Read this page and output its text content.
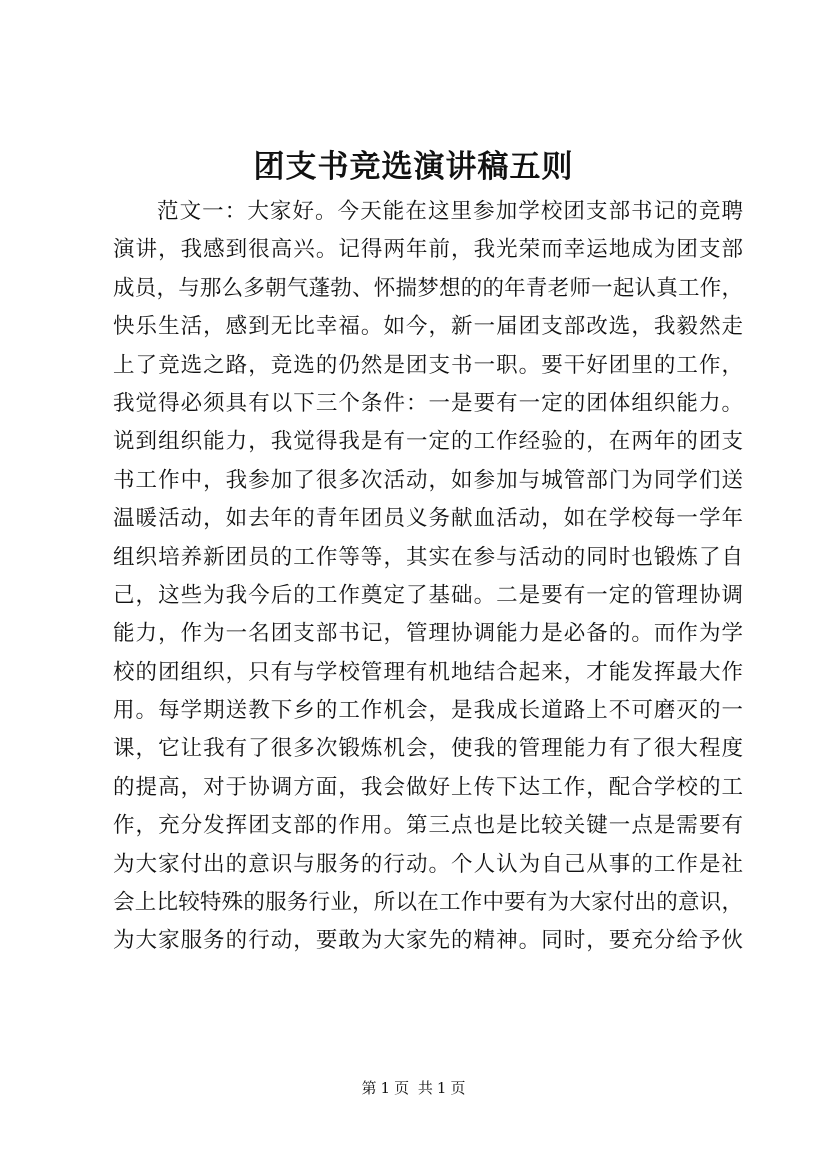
团支书竞选演讲稿五则
范文一：大家好。今天能在这里参加学校团支部书记的竞聘
演讲，我感到很高兴。记得两年前，我光荣而幸运地成为团支部
成员，与那么多朝气蓬勃、怀揣梦想的的年青老师一起认真工作，
快乐生活，感到无比幸福。如今，新一届团支部改选，我毅然走
上了竞选之路，竞选的仍然是团支书一职。要干好团里的工作，
我觉得必须具有以下三个条件：一是要有一定的团体组织能力。
说到组织能力，我觉得我是有一定的工作经验的，在两年的团支
书工作中，我参加了很多次活动，如参加与城管部门为同学们送
温暖活动，如去年的青年团员义务献血活动，如在学校每一学年
组织培养新团员的工作等等，其实在参与活动的同时也锻炼了自
己，这些为我今后的工作奠定了基础。二是要有一定的管理协调
能力，作为一名团支部书记，管理协调能力是必备的。而作为学
校的团组织，只有与学校管理有机地结合起来，才能发挥最大作
用。每学期送教下乡的工作机会，是我成长道路上不可磨灭的一
课，它让我有了很多次锻炼机会，使我的管理能力有了很大程度
的提高，对于协调方面，我会做好上传下达工作，配合学校的工
作，充分发挥团支部的作用。第三点也是比较关键一点是需要有
为大家付出的意识与服务的行动。个人认为自己从事的工作是社
会上比较特殊的服务行业，所以在工作中要有为大家付出的意识，
为大家服务的行动，要敢为大家先的精神。同时，要充分给予伙
第 1 页 共 1 页
